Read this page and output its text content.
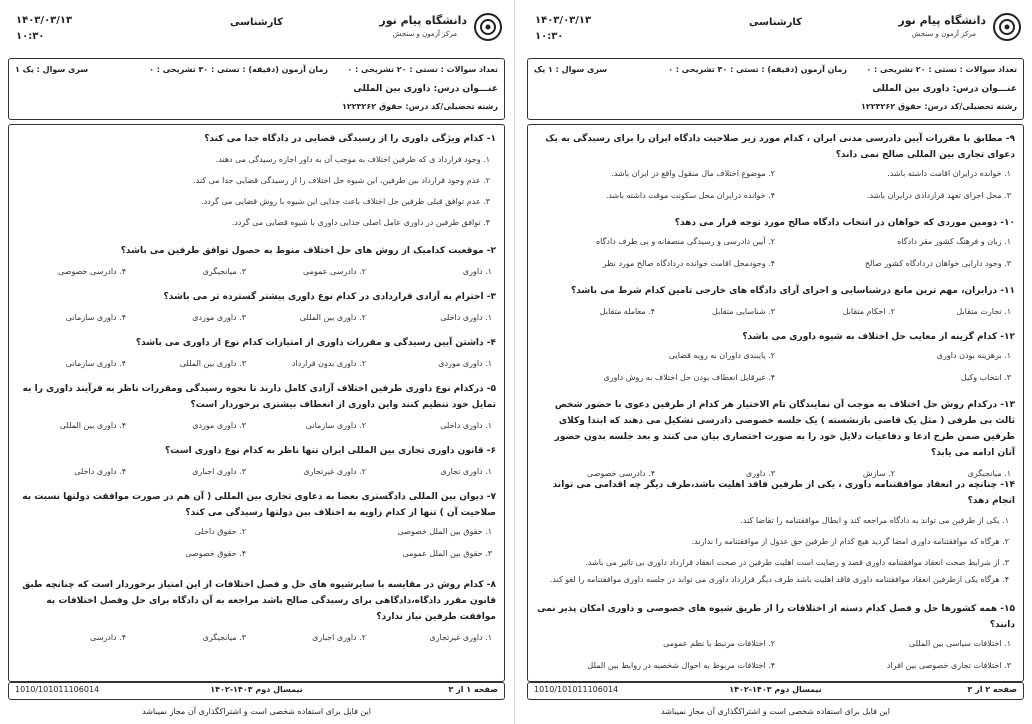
دانشگاه پیام نور
مرکز آزمون و سنجش
کارشناسی
۱۴۰۳/۰۳/۱۳
۱۰:۳۰
تعداد سوالات : تستی : ۲۰ تشریحی : ۰
زمان آزمون (دقیقه) : تستی : ۳۰ تشریحی : ۰
سری سوال : یک ۱
عنـــوان درس: داوری بین المللی
رشته تحصیلی/کد درس: حقوق ۱۲۲۳۲۶۲
۱- کدام ویژگی داوری را از رسیدگی قضایی در دادگاه جدا می کند؟
۱. وجود قرارداد ی که طرفین اختلاف به موجب آن به داور اجازه رسیدگی می دهند.
۲. عدم وجود قرارداد بین طرفین، این شیوه حل اختلاف را از رسیدگی قضایی جدا می کند.
۳. عدم توافق قبلی طرفین حل اختلاف باعث جدایی این شیوه با روش قضایی می گردد.
۴. توافق طرفین در داوری عامل اصلی جدایی داوری با شیوه قضایی می گردد.
۲- موقعیت کدامیک از روش های حل اختلاف منوط به حصول توافق طرفین می باشد؟
۱. داوری
۲. دادرسی عمومی
۳. میانجیگری
۴. دادرسی خصوصی
۳- احترام به آزادی قراردادی در کدام نوع داوری بیشتر گسترده تر می باشد؟
۱. داوری داخلی
۲. داوری بین المللی
۳. داوری موردی
۴. داوری سازمانی
۴- داشتن آیین رسیدگی و مقررات داوری از امتیازات کدام نوع از داوری می باشد؟
۱. داوری موردی
۲. داوری بدون قرارداد
۳. داوری بین المللی
۴. داوری سازمانی
۵- درکدام نوع داوری طرفین اختلاف آزادی کامل دارند تا نحوه رسیدگی ومقررات ناظر به فرآیند داوری را به تمایل خود تنظیم کنند واین داوری از انعطاف بیشتری برخوردار است؟
۱. داوری داخلی
۲. داوری سازمانی
۳. داوری موردی
۴. داوری بین المللی
۶- قانون داوری تجاری بین المللی ایران تنها ناظر به کدام نوع داوری است؟
۱. داوری تجاری
۲. داوری غیرتجاری
۳. داوری اجباری
۴. داوری داخلی
۷- دیوان بین المللی دادگستری بعضا به دعاوی تجاری بین المللی ( آن هم در صورت موافقت دولتها نسبت به صلاحیت آن ) تنها از کدام زاویه به اختلاف بین دولتها رسیدگی می کند؟
۱. حقوق بین الملل خصوصی
۲. حقوق داخلی
۳. حقوق بین الملل عمومی
۴. حقوق خصوصی
۸- کدام روش در مقایسه با سایرشیوه های حل و فصل اختلافات از این امتیاز برخوردار است که چنانچه طبق قانون مقرر دادگاه،دادگاهی برای رسیدگی صالح باشد مراجعه به آن دادگاه برای حل وفصل اختلافات به موافقت طرفین نیاز ندارد؟
۱. داوری غیرتجاری
۲. داوری اجباری
۳. میانجیگری
۴. دادرسی
صفحه ۱ از ۳
نیمسال دوم ۱۴۰۳-۱۴۰۲
1010/101011106014
این فایل برای استفاده شخصی است و اشتراکگذاری آن مجاز نمیباشد
دانشگاه پیام نور
مرکز آزمون و سنجش
کارشناسی
۱۴۰۳/۰۳/۱۳
۱۰:۳۰
تعداد سوالات : تستی : ۲۰ تشریحی : ۰
زمان آزمون (دقیقه) : تستی : ۳۰ تشریحی : ۰
سری سوال : ۱ یک
عنـــوان درس: داوری بین المللی
رشته تحصیلی/کد درس: حقوق ۱۲۲۳۲۶۲
۹- مطابق با مقررات آیین دادرسی مدنی ایران ، کدام مورد زیر صلاحیت دادگاه ایران را برای رسیدگی به یک دعوای تجاری بین المللی صالح نمی داند؟
۱. خوانده درایران اقامت داشته باشد.
۲. موضوع اختلاف مال منقول واقع در ایران باشد.
۳. محل اجرای تعهد قراردادی درایران باشد.
۴. خوانده درایران محل سکونت موقت داشته باشد.
۱۰- دومین موردی که خواهان در انتخاب دادگاه صالح مورد توجه قرار می دهد؟
۱. زبان و فرهنگ کشور مقر دادگاه
۲. آیین دادرسی و رسیدگی منصفانه و بی طرف دادگاه
۳. وجود دارایی خواهان دردادگاه کشور صالح
۴. وجودمحل اقامت خوانده دردادگاه صالح مورد نظر
۱۱- درایران، مهم ترین مانع درشناسایی و اجرای آرای دادگاه های خارجی تامین کدام شرط می باشد؟
۱. تجارت متقابل
۲. احکام متقابل
۳. شناسایی متقابل
۴. معامله متقابل
۱۲- کدام گزینه از معایب حل اختلاف به شیوه داوری می باشد؟
۱. برهزینه بودن داوری
۲. پایبندی داوران به رویه قضایی
۳. انتخاب وکیل
۴. غیرقابل انعطاف بودن حل اختلاف به روش داوری
۱۳- درکدام روش حل اختلاف به موجب آن نمایندگان تام الاختیار هر کدام از طرفین دعوی با حضور شخص ثالث بی طرفی ( مثل یک قاضی بازنشسته ) یک جلسه خصوصی دادرسی تشکیل می دهند که ابتدا وکلای طرفین ضمن طرح ادعا و دفاعیات دلایل خود را به صورت اختصاری بیان می کنند و بعد جلسه بدون حضور آنان ادامه می یابد؟
۱. میانجیگری
۲. سازش
۳. داوری
۴. دادرسی خصوصی
۱۴- چنانچه در انعقاد موافقتنامه داوری ، یکی از طرفین فاقد اهلیت باشد،طرف دیگر چه اقدامی می تواند انجام دهد؟
۱. یکی از طرفین می تواند به دادگاه مراجعه کند و ابطال موافقتنامه را تقاضا کند.
۲. هرگاه که موافقتنامه داوری امضا گردید هیچ کدام از طرفین حق عدول از موافقتنامه را ندارند.
۳. از شرایط صحت انعقاد موافقتنامه داوری قصد و رضایت است اهلیت طرفین در صحت انعقاد قرارداد داوری بی تاثیر می باشد.
۴. هرگاه یکی ازطرفین انعقاد موافقتنامه داوری فاقد اهلیت باشد طرف دیگر قرارداد داوری می تواند در جلسه داوری موافقتنامه را لغو کند.
۱۵- همه کشورها حل و فصل کدام دسته از اختلافات را از طریق شیوه های خصوصی و داوری امکان پذیر نمی دانند؟
۱. اختلافات سیاسی بین المللی
۲. اختلافات مرتبط با نظم عمومی
۳. اختلافات تجاری خصوصی بین افراد
۴. اختلافات مربوط به احوال شخصیه در روابط بین الملل
صفحه ۲ از ۳
نیمسال دوم ۱۴۰۳-۱۴۰۲
1010/101011106014
این فایل برای استفاده شخصی است و اشتراکگذاری آن مجاز نمیباشد
